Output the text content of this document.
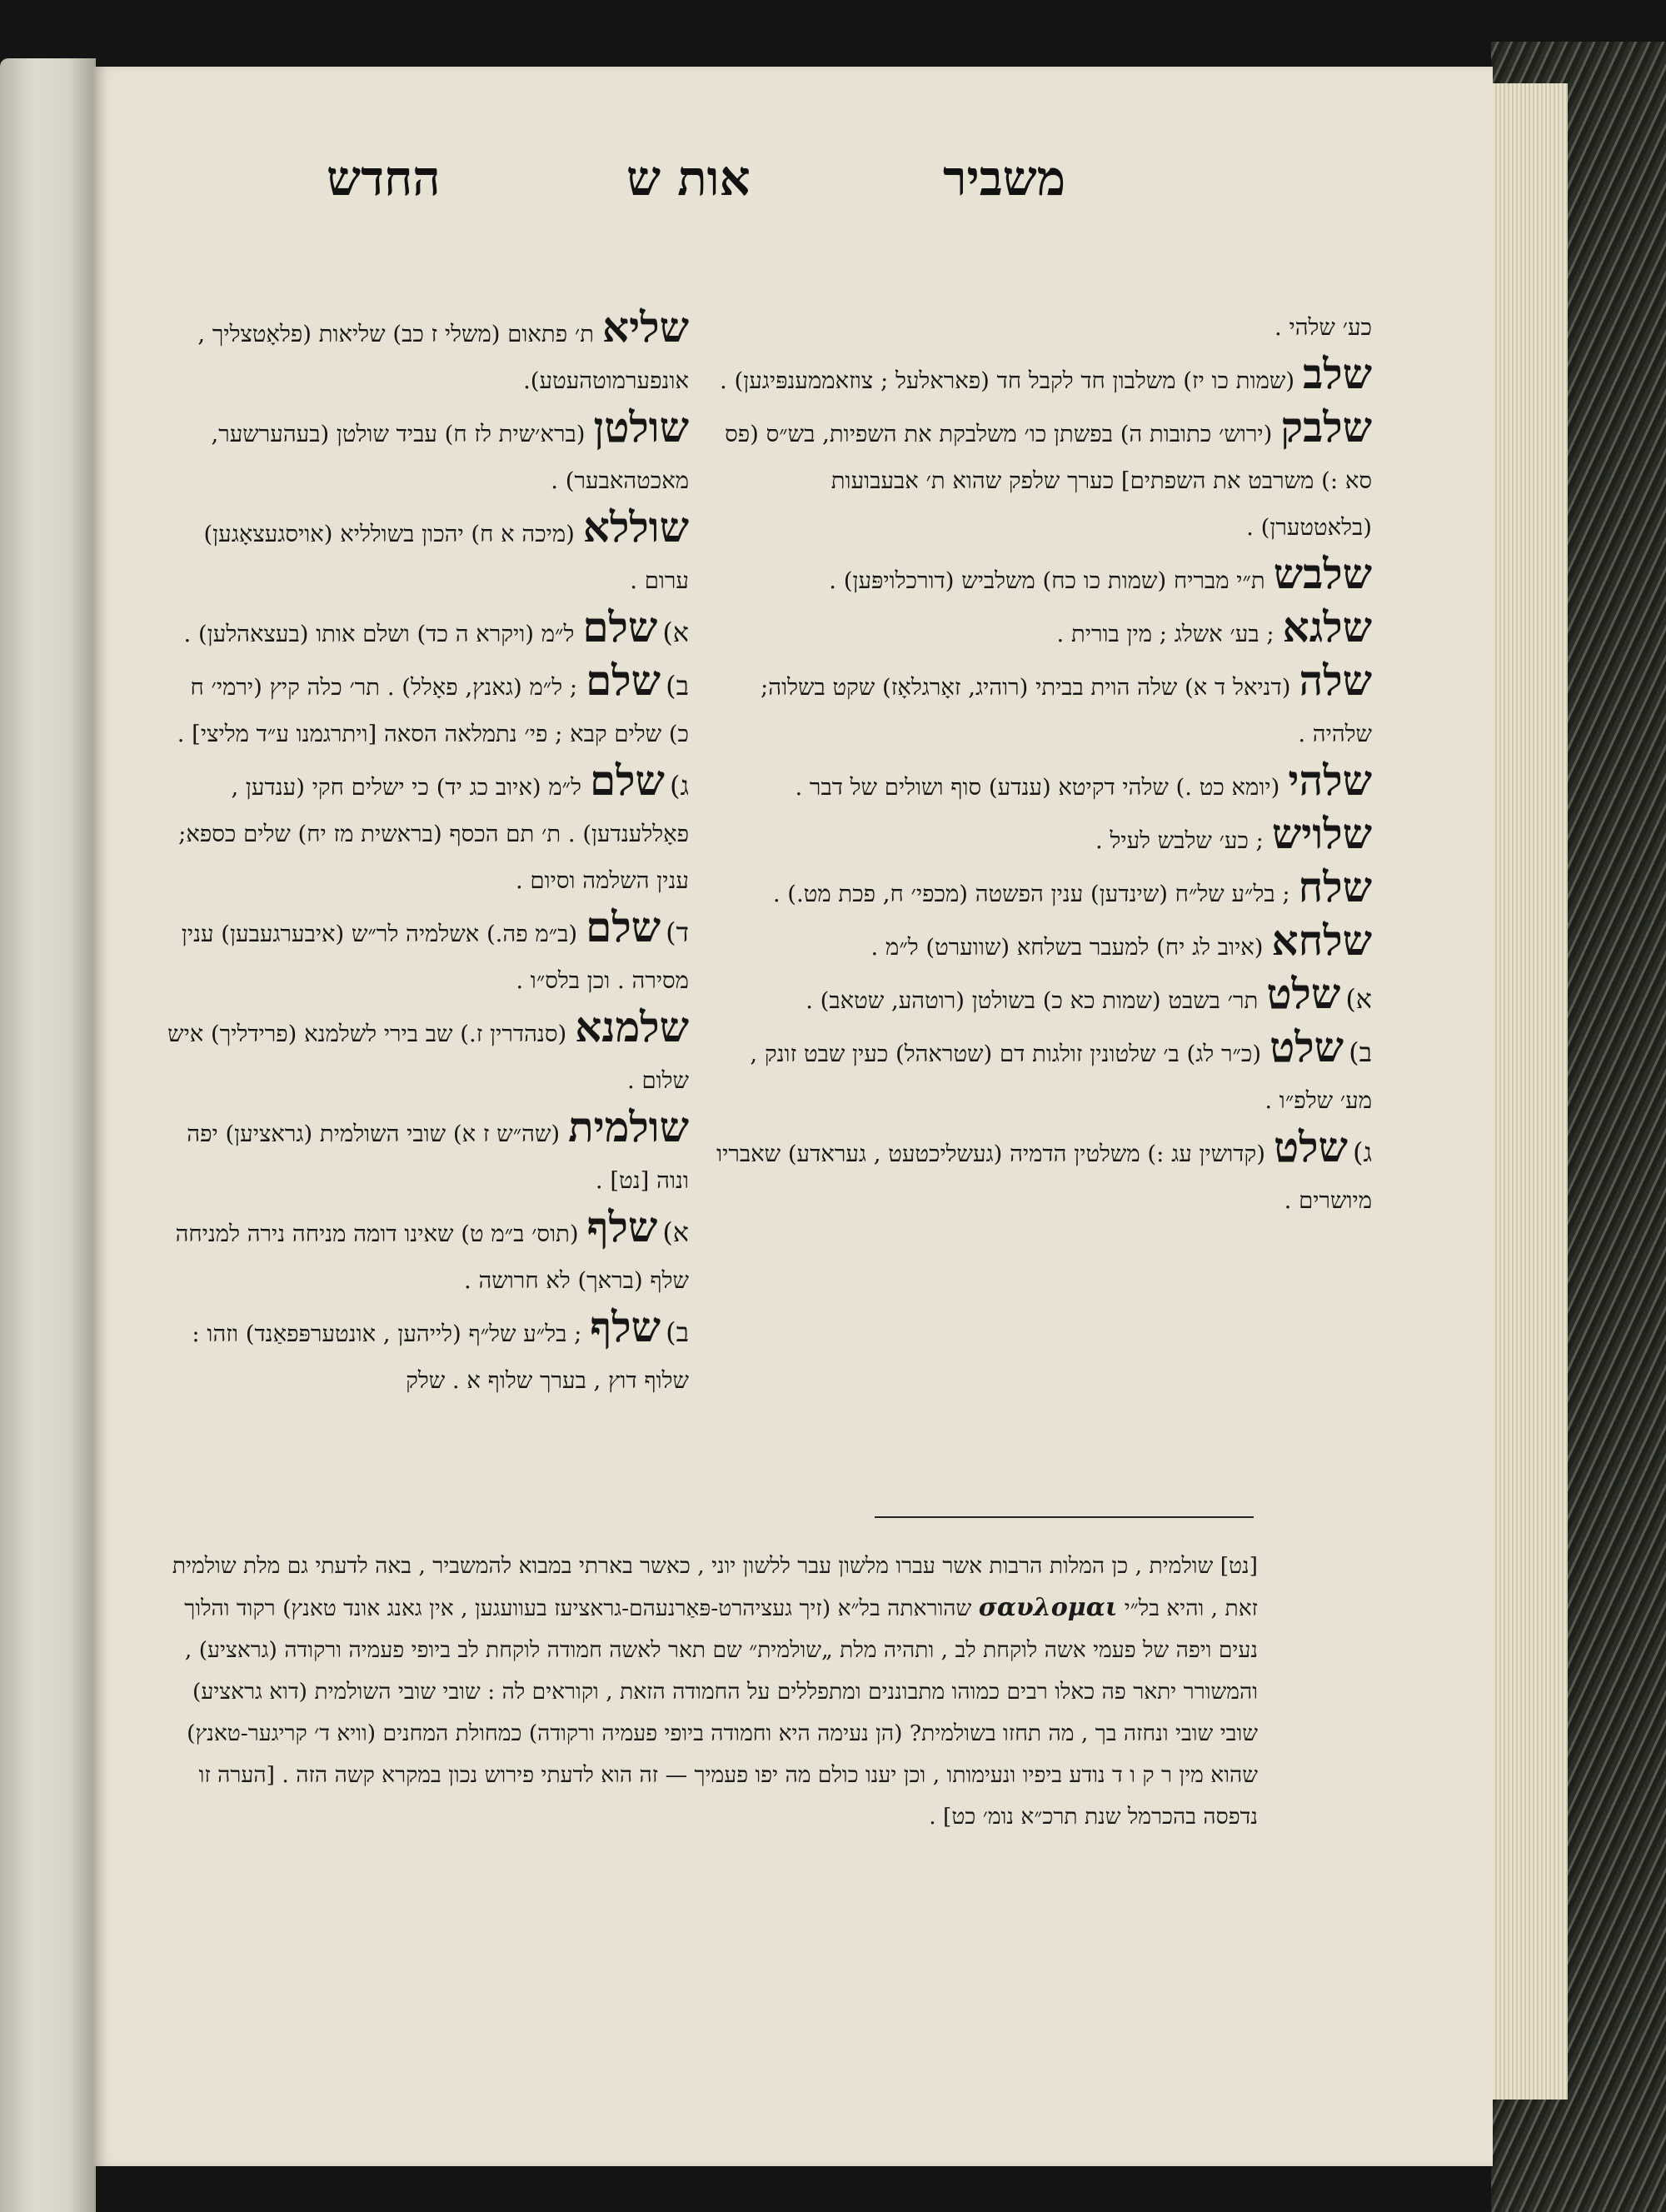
משביר
אות ש
החדש
כע׳ שלהי .
שלב(שמות כו יז) משלבון חד לקבל חד (פאראלעל ; צוזאממענפּיגען) .
שלבק(ירוש׳ כתובות ה) בפשתן כו׳ משלבקת את השפיות, בש״ס (פס סא :) משרבט את השפתים] כערך שלפק שהוא ת׳ אבעבועות (בלאטטערן) .
שלבשת״י מבריח (שמות כו כח) משלביש (דורכלויפּען) .
שלגא; בע׳ אשלג ; מין בורית .
שלה(דניאל ד א) שלה הוית בביתי (רוהיג, זאָרגלאָז) שקט בשלוה; שלהיה .
שלהי(יומא כט .) שלהי דקיטא (ענדע) סוף ושולים של דבר .
שלויש; כע׳ שלבש לעיל .
שלח; בל״ע של״ח (שינדען) ענין הפשטה (מכפי׳ ח, פכת מט.) .
שלחא(איוב לג יח) למעבר בשלחא (שווערט) ל״מ .
א)שלטתר׳ בשבט (שמות כא כ) בשולטן (רוטהע, שטאב) .
ב)שלט(כ״ר לג) ב׳ שלטונין זולגות דם (שטראהל) כעין שבט זונק , מע׳ שלפ״ו .
ג)שלט(קדושין עג :) משלטין הדמיה (געשליכטעט , געראדע) שאבריו מיושרים .
שליאת׳ פתאום (משלי ז כב) שליאות (פלאָטצליך , אונפערמוטהעטע).
שולטן(ברא׳שית לז ח) עביד שולטן (בעהערשער, מאכטהאבער) .
שוללא(מיכה א ח) יהכון בשולליא (אויסגעצאָגען) ערום .
א)שלםל״מ (ויקרא ה כד) ושלם אותו (בעצאהלען) .
ב)שלם; ל״מ (גאנץ, פאָלל) . תר׳ כלה קיץ (ירמי׳ ח כ) שלים קבא ; פי׳ נתמלאה הסאה [ויתרגמנו ע״ד מליצי] .
ג)שלםל״מ (איוב כג יד) כי ישלים חקי (ענדען , פאָללענדען) . ת׳ תם הכסף (בראשית מז יח) שלים כספא; ענין השלמה וסיום .
ד)שלם(ב״מ פה.) אשלמיה לר״ש (איבערגעבען) ענין מסירה . וכן בלס״ו .
שלמנא(סנהדרין ז.) שב בירי לשלמנא (פרידליך) איש שלום .
שולמית(שה״ש ז א) שובי השולמית (גראציען) יפה ונוה [נט] .
א)שלף(תוס׳ ב״מ ט) שאינו דומה מניחה נירה למניחה שלף (בראך) לא חרושה .
ב)שלף; בל״ע של״ף (לייהען , אונטערפּפאַנד) וזהו : שלוף דוץ , בערך שלוף א . שלק
[נט] שולמית , כן המלות הרבות אשר עברו מלשון עבר ללשון יוני , כאשר בארתי במבוא להמשביר , באה לדעתי גם מלת שולמית זאת , והיא בל״י σαυλομαι שהוראתה בל״א (זיך געציהרט-פּאַרנעהם-גראציעז בעוועגען , אין גאנג אונד טאנץ) רקוד והלוך נעים ויפה של פעמי אשה לוקחת לב , ותהיה מלת „שולמית״ שם תאר לאשה חמודה לוקחת לב ביופי פעמיה ורקודה (גראציע) , והמשורר יתאר פה כאלו רבים כמוהו מתבוננים ומתפללים על החמודה הזאת , וקוראים לה : שובי שובי השולמית (דוא גראציע) שובי שובי ונחזה בך , מה תחזו בשולמית? (הן נעימה היא וחמודה ביופי פעמיה ורקודה) כמחולת המחנים (וויא ד׳ קריגער-טאנץ) שהוא מין ר ק ו ד נודע ביפיו ונעימותו , וכן יענו כולם מה יפו פעמיך — זה הוא לדעתי פירוש נכון במקרא קשה הזה . [הערה זו נדפסה בהכרמל שנת תרכ״א נומ׳ כט] .
